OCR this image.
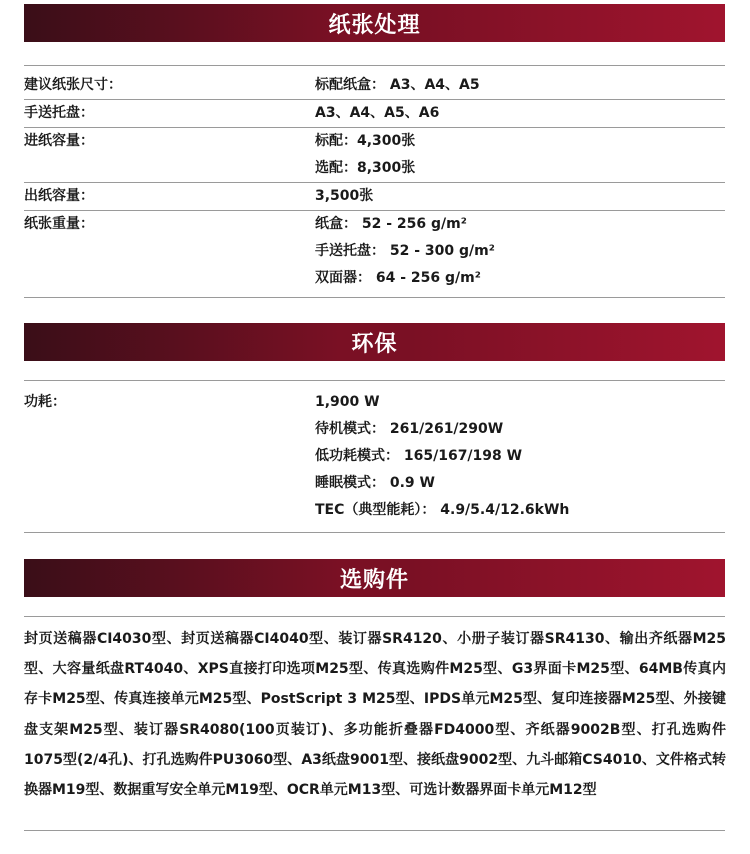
纸张处理
建议纸张尺寸：	标配纸盒： A3、A4、A5
手送托盘：	A3、A4、A5、A6
进纸容量：	标配：4,300张
选配：8,300张
出纸容量：	3,500张
纸张重量：	纸盒： 52 - 256 g/m²
手送托盘： 52 - 300 g/m²
双面器： 64 - 256 g/m²
环保
功耗：	1,900 W
待机模式： 261/261/290W
低功耗模式： 165/167/198 W
睡眠模式： 0.9 W
TEC（典型能耗）： 4.9/5.4/12.6kWh
选购件
封页送稿器CI4030型、封页送稿器CI4040型、装订器SR4120、小册子装订器SR4130、输出齐纸器M25型、大容量纸盘RT4040、XPS直接打印选项M25型、传真选购件M25型、G3界面卡M25型、64MB传真内存卡M25型、传真连接单元M25型、PostScript 3 M25型、IPDS单元M25型、复印连接器M25型、外接键盘支架M25型、装订器SR4080(100页装订)、多功能折叠器FD4000型、齐纸器9002B型、打孔选购件1075型(2/4孔)、打孔选购件PU3060型、A3纸盘9001型、接纸盘9002型、九斗邮箱CS4010、文件格式转换器M19型、数据重写安全单元M19型、OCR单元M13型、可选计数器界面卡单元M12型
